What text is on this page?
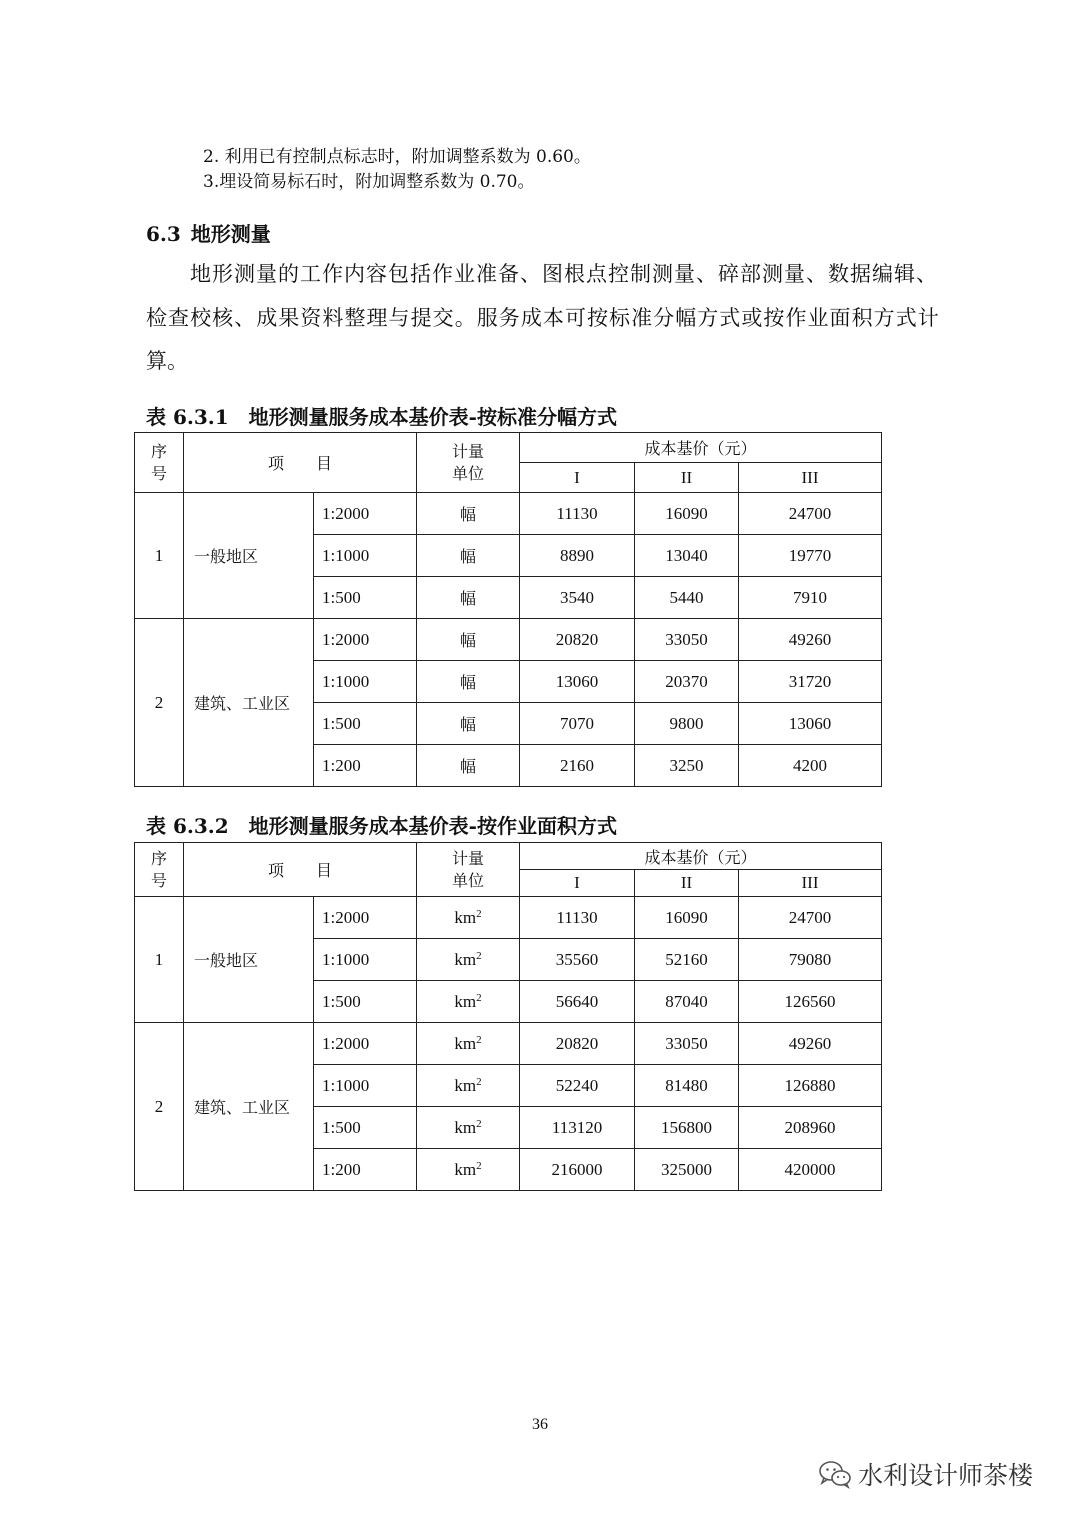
2. 利用已有控制点标志时，附加调整系数为 0.60。
3.埋设简易标石时，附加调整系数为 0.70。
6.3 地形测量
地形测量的工作内容包括作业准备、图根点控制测量、碎部测量、数据编辑、
检查校核、成果资料整理与提交。服务成本可按标准分幅方式或按作业面积方式计
算。
表 6.3.1 地形测量服务成本基价表-按标准分幅方式
序号	项　　目		计量单位	成本基价（元）		
				I	II	III
1	一般地区	1:2000	幅	11130	16090	24700
		1:1000	幅	8890	13040	19770
		1:500	幅	3540	5440	7910
2	建筑、工业区	1:2000	幅	20820	33050	49260
		1:1000	幅	13060	20370	31720
		1:500	幅	7070	9800	13060
		1:200	幅	2160	3250	4200
表 6.3.2 地形测量服务成本基价表-按作业面积方式
序号	项　　目		计量单位	成本基价（元）		
				I	II	III
1	一般地区	1:2000	$km^2$	11130	16090	24700
		1:1000	$km^2$	35560	52160	79080
		1:500	$km^2$	56640	87040	126560
2	建筑、工业区	1:2000	$km^2$	20820	33050	49260
		1:1000	$km^2$	52240	81480	126880
		1:500	$km^2$	113120	156800	208960
		1:200	$km^2$	216000	325000	420000
36
水利设计师茶楼
